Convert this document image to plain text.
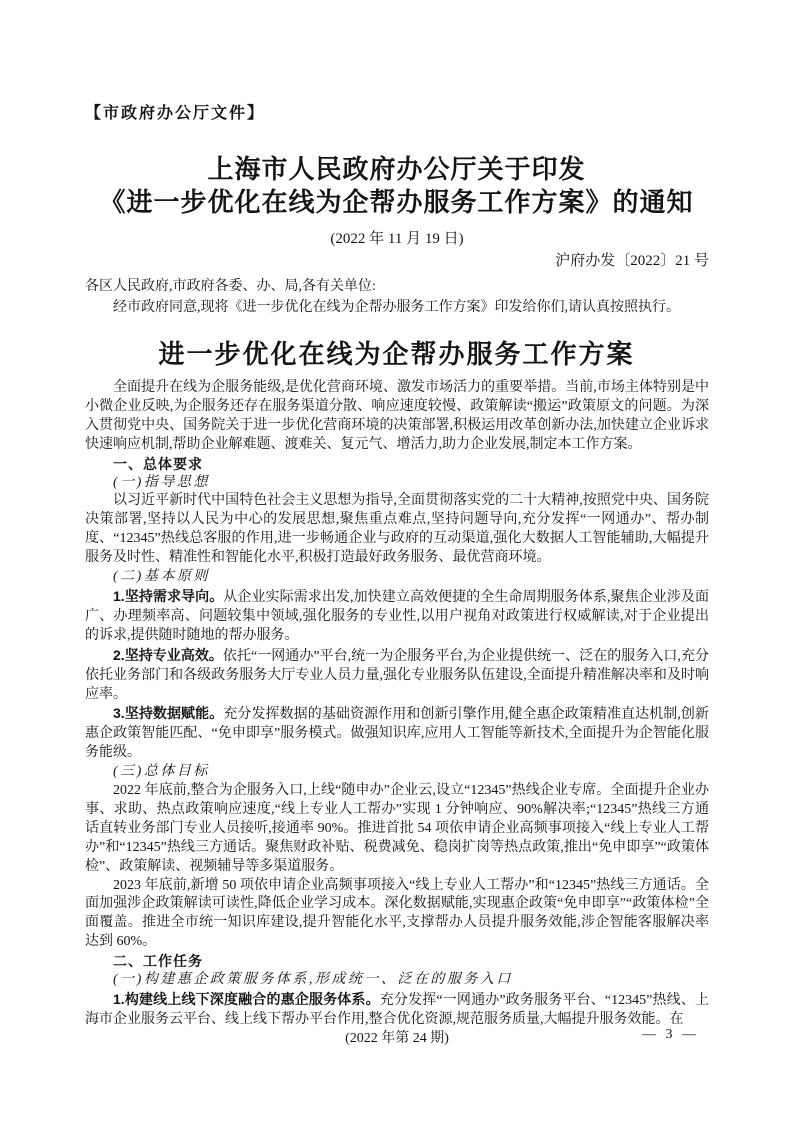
【市政府办公厅文件】
上海市人民政府办公厅关于印发
《进一步优化在线为企帮办服务工作方案》的通知
(2022 年 11 月 19 日)
沪府办发〔2022〕21 号
各区人民政府,市政府各委、办、局,各有关单位:
经市政府同意,现将《进一步优化在线为企帮办服务工作方案》印发给你们,请认真按照执行。
进一步优化在线为企帮办服务工作方案

全面提升在线为企服务能级,是优化营商环境、激发市场活力的重要举措。当前,市场主体特别是中小微企业反映,为企服务还存在服务渠道分散、响应速度较慢、政策解读“搬运”政策原文的问题。为深入贯彻党中央、国务院关于进一步优化营商环境的决策部署,积极运用改革创新办法,加快建立企业诉求快速响应机制,帮助企业解难题、渡难关、复元气、增活力,助力企业发展,制定本工作方案。

一、总体要求

(一)指导思想

以习近平新时代中国特色社会主义思想为指导,全面贯彻落实党的二十大精神,按照党中央、国务院决策部署,坚持以人民为中心的发展思想,聚焦重点难点,坚持问题导向,充分发挥“一网通办”、帮办制度、“12345”热线总客服的作用,进一步畅通企业与政府的互动渠道,强化大数据人工智能辅助,大幅提升服务及时性、精准性和智能化水平,积极打造最好政务服务、最优营商环境。

(二)基本原则

1.坚持需求导向。从企业实际需求出发,加快建立高效便捷的全生命周期服务体系,聚焦企业涉及面广、办理频率高、问题较集中领域,强化服务的专业性,以用户视角对政策进行权威解读,对于企业提出的诉求,提供随时随地的帮办服务。

2.坚持专业高效。依托“一网通办”平台,统一为企服务平台,为企业提供统一、泛在的服务入口,充分依托业务部门和各级政务服务大厅专业人员力量,强化专业服务队伍建设,全面提升精准解决率和及时响应率。

3.坚持数据赋能。充分发挥数据的基础资源作用和创新引擎作用,健全惠企政策精准直达机制,创新惠企政策智能匹配、“免申即享”服务模式。做强知识库,应用人工智能等新技术,全面提升为企智能化服务能级。

(三)总体目标

2022 年底前,整合为企服务入口,上线“随申办”企业云,设立“12345”热线企业专席。全面提升企业办事、求助、热点政策响应速度,“线上专业人工帮办”实现 1 分钟响应、90%解决率;“12345”热线三方通话直转业务部门专业人员接听,接通率 90%。推进首批 54 项依申请企业高频事项接入“线上专业人工帮办”和“12345”热线三方通话。聚焦财政补贴、税费减免、稳岗扩岗等热点政策,推出“免申即享”“政策体检”、政策解读、视频辅导等多渠道服务。

2023 年底前,新增 50 项依申请企业高频事项接入“线上专业人工帮办”和“12345”热线三方通话。全面加强涉企政策解读可读性,降低企业学习成本。深化数据赋能,实现惠企政策“免申即享”“政策体检”全面覆盖。推进全市统一知识库建设,提升智能化水平,支撑帮办人员提升服务效能,涉企智能客服解决率达到 60%。

二、工作任务

(一)构建惠企政策服务体系,形成统一、泛在的服务入口

1.构建线上线下深度融合的惠企服务体系。充分发挥“一网通办”政务服务平台、“12345”热线、上海市企业服务云平台、线上线下帮办平台作用,整合优化资源,规范服务质量,大幅提升服务效能。在

(2022 年第 24 期)	— 3 —
